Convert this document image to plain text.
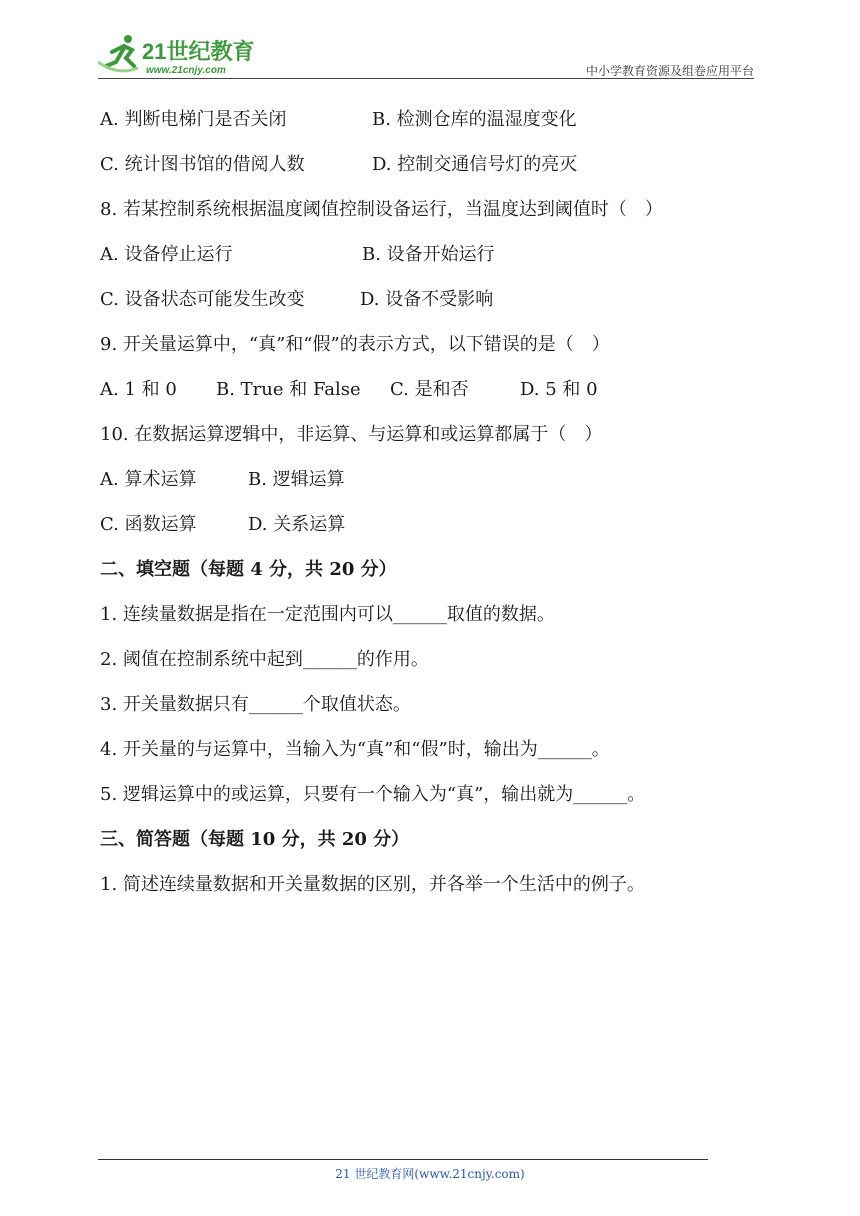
21世纪教育
www.21cnjy.com	中小学教育资源及组卷应用平台
A. 判断电梯门是否关闭	B. 检测仓库的温湿度变化
C. 统计图书馆的借阅人数	D. 控制交通信号灯的亮灭
8. 若某控制系统根据温度阈值控制设备运行，当温度达到阈值时（　）
A. 设备停止运行	B. 设备开始运行
C. 设备状态可能发生改变	D. 设备不受影响
9. 开关量运算中，“真”和“假”的表示方式，以下错误的是（　）
A. 1 和 0 B. True 和 False C. 是和否	D. 5 和 0
10. 在数据运算逻辑中，非运算、与运算和或运算都属于（　）
A. 算术运算	B. 逻辑运算
C. 函数运算	D. 关系运算
二、填空题（每题 4 分，共 20 分）
1. 连续量数据是指在一定范围内可以______取值的数据。
2. 阈值在控制系统中起到______的作用。
3. 开关量数据只有______个取值状态。
4. 开关量的与运算中，当输入为“真”和“假”时，输出为______。
5. 逻辑运算中的或运算，只要有一个输入为“真”，输出就为______。
三、简答题（每题 10 分，共 20 分）
1. 简述连续量数据和开关量数据的区别，并各举一个生活中的例子。
21 世纪教育网(www.21cnjy.com)
